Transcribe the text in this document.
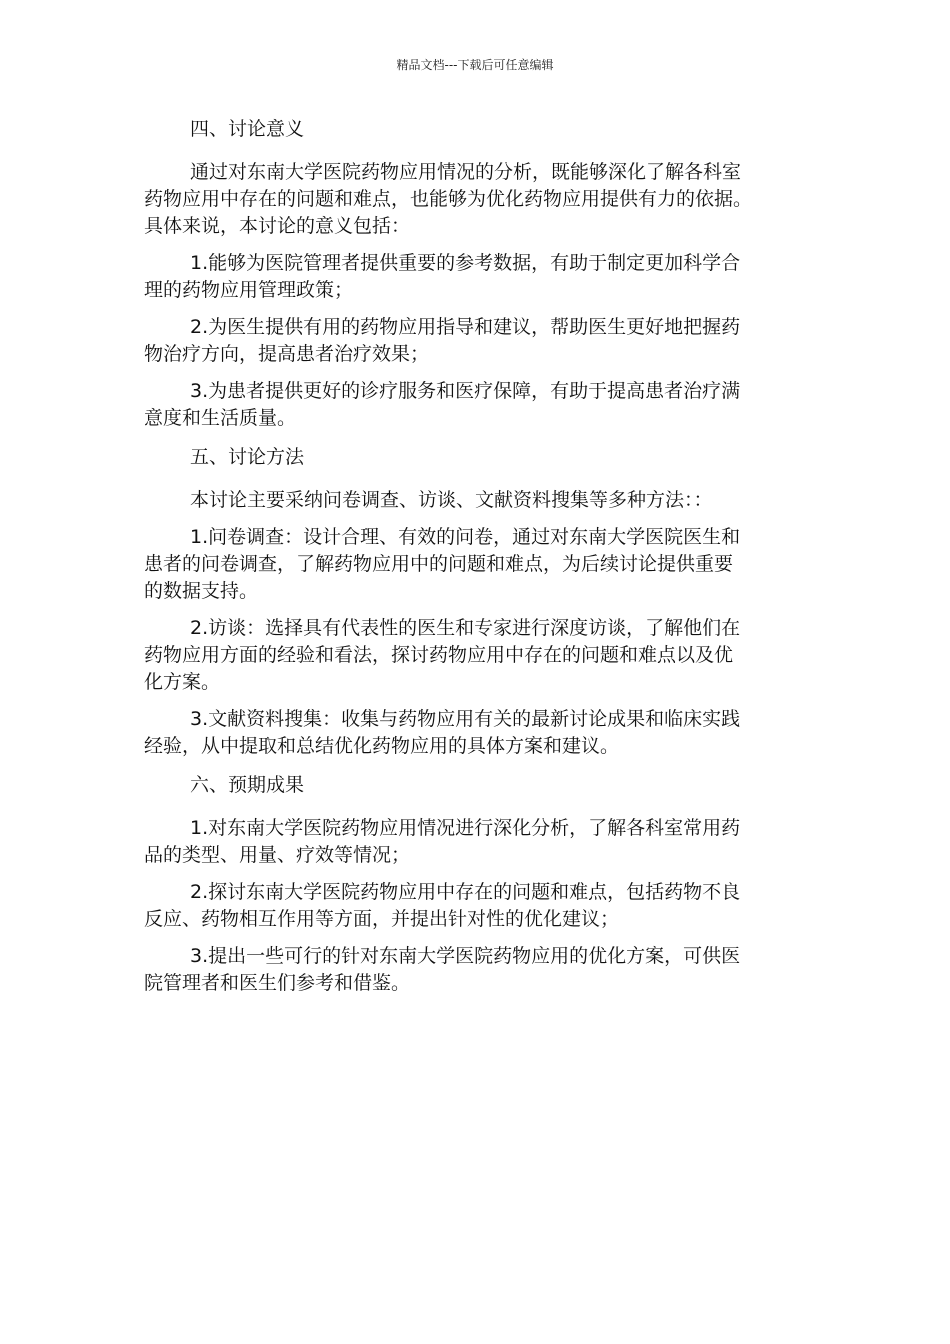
精品文档---下载后可任意编辑
四、讨论意义
通过对东南大学医院药物应用情况的分析，既能够深化了解各科室
药物应用中存在的问题和难点，也能够为优化药物应用提供有力的依据。
具体来说，本讨论的意义包括：
1.能够为医院管理者提供重要的参考数据，有助于制定更加科学合
理的药物应用管理政策；
2.为医生提供有用的药物应用指导和建议，帮助医生更好地把握药
物治疗方向，提高患者治疗效果；
3.为患者提供更好的诊疗服务和医疗保障，有助于提高患者治疗满
意度和生活质量。
五、讨论方法
本讨论主要采纳问卷调查、访谈、文献资料搜集等多种方法：：
1.问卷调查：设计合理、有效的问卷，通过对东南大学医院医生和
患者的问卷调查，了解药物应用中的问题和难点，为后续讨论提供重要
的数据支持。
2.访谈：选择具有代表性的医生和专家进行深度访谈，了解他们在
药物应用方面的经验和看法，探讨药物应用中存在的问题和难点以及优
化方案。
3.文献资料搜集：收集与药物应用有关的最新讨论成果和临床实践
经验，从中提取和总结优化药物应用的具体方案和建议。
六、预期成果
1.对东南大学医院药物应用情况进行深化分析，了解各科室常用药
品的类型、用量、疗效等情况；
2.探讨东南大学医院药物应用中存在的问题和难点，包括药物不良
反应、药物相互作用等方面，并提出针对性的优化建议；
3.提出一些可行的针对东南大学医院药物应用的优化方案，可供医
院管理者和医生们参考和借鉴。
